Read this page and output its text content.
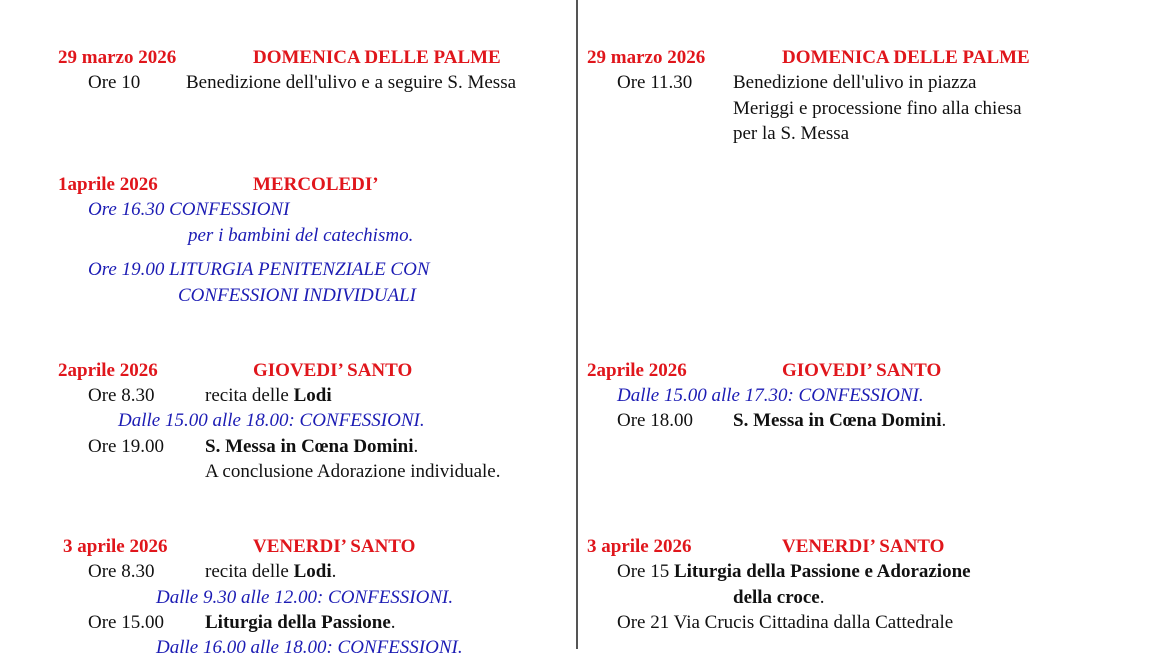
29 marzo 2026	DOMENICA DELLE PALME
Ore 10 Benedizione dell'ulivo e a seguire S. Messa
1aprile 2026	MERCOLEDI’
Ore 16.30 CONFESSIONI
per i bambini del catechismo.
Ore 19.00 LITURGIA PENITENZIALE CON
CONFESSIONI INDIVIDUALI
2aprile 2026	GIOVEDI’ SANTO
Ore 8.30	recita delle Lodi
Dalle 15.00 alle 18.00: CONFESSIONI.
Ore 19.00 S. Messa in Cœna Domini.
A conclusione Adorazione individuale.
3 aprile 2026	VENERDI’ SANTO
Ore 8.30	recita delle Lodi.
Dalle 9.30 alle 12.00: CONFESSIONI.
Ore 15.00 Liturgia della Passione.
Dalle 16.00 alle 18.00: CONFESSIONI.
29 marzo 2026	DOMENICA DELLE PALME
Ore 11.30 Benedizione dell'ulivo in piazza
Meriggi e processione fino alla chiesa
per la S. Messa
2aprile 2026	GIOVEDI’ SANTO
Dalle 15.00 alle 17.30: CONFESSIONI.
Ore 18.00 S. Messa in Cœna Domini.
3 aprile 2026	VENERDI’ SANTO
Ore 15 Liturgia della Passione e Adorazione
della croce.
Ore 21 Via Crucis Cittadina dalla Cattedrale
